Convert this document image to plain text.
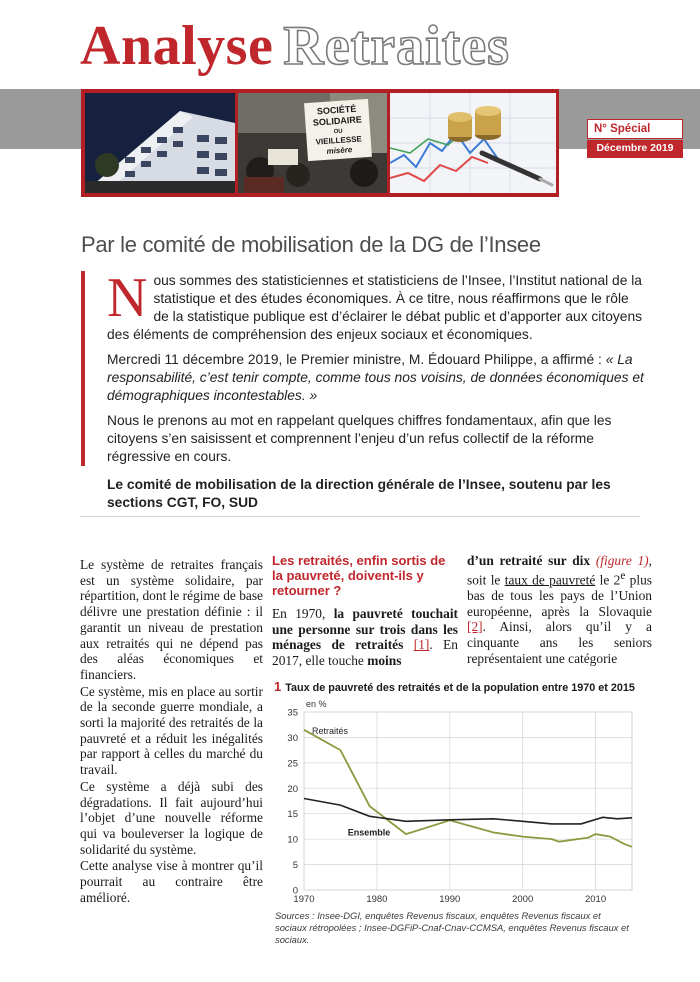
Analyse Retraites
SOCIÉTÉ
SOLIDAIRE
OU
VIEILLESSE
misère
N° Spécial
Décembre 2019
Par le comité de mobilisation de la DG de l’Insee

Nous sommes des statisticiennes et statisticiens de l’Insee, l’Institut national de la statistique et des études économiques. À ce titre, nous réaffirmons que le rôle de la statistique publique est d’éclairer le débat public et d’apporter aux citoyens des éléments de compréhension des enjeux sociaux et économiques.

Mercredi 11 décembre 2019, le Premier ministre, M. Édouard Philippe, a affirmé : « La responsabilité, c’est tenir compte, comme tous nos voisins, de données économiques et démographiques incontestables. »

Nous le prenons au mot en rappelant quelques chiffres fondamentaux, afin que les citoyens s’en saisissent et comprennent l’enjeu d’un refus collectif de la réforme régressive en cours.

Le comité de mobilisation de la direction générale de l’Insee, soutenu par les sections CGT, FO, SUD

Le système de retraites français est un système solidaire, par répartition, dont le régime de base délivre une prestation définie : il garantit un niveau de prestation aux retraités qui ne dépend pas des aléas économiques et financiers.

Ce système, mis en place au sortir de la seconde guerre mondiale, a sorti la majorité des retraités de la pauvreté et a réduit les inégalités par rapport à celles du marché du travail.

Ce système a déjà subi des dégradations. Il fait aujourd’hui l’objet d’une nouvelle réforme qui va bouleverser la logique de solidarité du système.

Cette analyse vise à montrer qu’il pourrait au contraire être amélioré.

Les retraités, enfin sortis de la pauvreté, doivent-ils y retourner ?

En 1970, la pauvreté touchait une personne sur trois dans les ménages de retraités [1]. En 2017, elle touche moins

d’un retraité sur dix (figure 1), soit le taux de pauvreté le 2e plus bas de tous les pays de l’Union européenne, après la Slovaquie [2]. Ainsi, alors qu’il y a cinquante ans les seniors représentaient une catégorie

1 Taux de pauvreté des retraités et de la population entre 1970 et 2015
0
5
10
15
20
25
30
35
1970	1980	1990	2000	2010
en %
Retraités
Ensemble
Sources : Insee-DGI, enquêtes Revenus fiscaux, enquêtes Revenus fiscaux et sociaux rétropolées ; Insee-DGFiP-Cnaf-Cnav-CCMSA, enquêtes Revenus fiscaux et sociaux.
